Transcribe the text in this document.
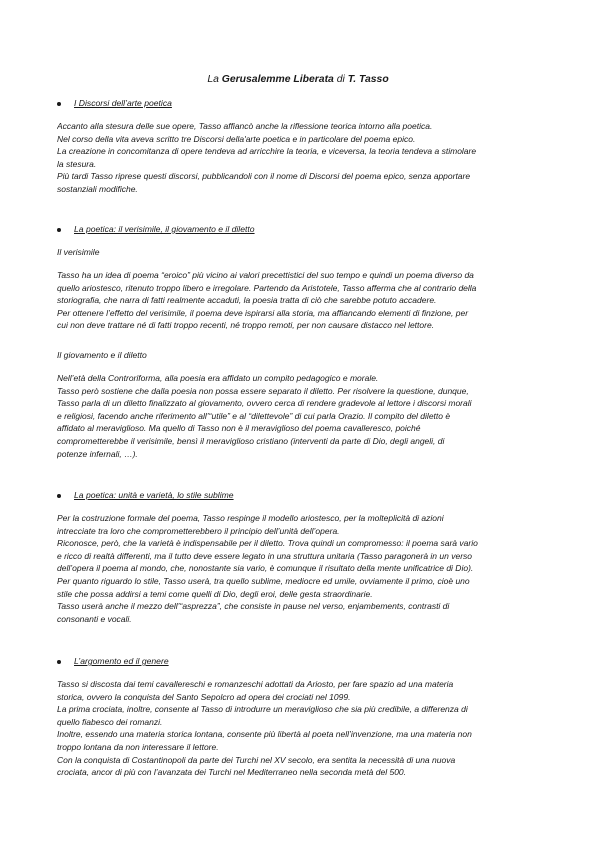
La Gerusalemme Liberata di T. Tasso
I Discorsi dell’arte poetica
Accanto alla stesura delle sue opere, Tasso affiancò anche la riflessione teorica intorno alla poetica.
Nel corso della vita aveva scritto tre Discorsi della'arte poetica e in particolare del poema epico.
La creazione in concomitanza di opere tendeva ad arricchire la teoria, e viceversa, la teoria tendeva a stimolare
la stesura.
Più tardi Tasso riprese questi discorsi, pubblicandoli con il nome di Discorsi del poema epico, senza apportare
sostanziali modifiche.
La poetica: il verisimile, il giovamento e il diletto
Il verisimile
Tasso ha un idea di poema “eroico” più vicino ai valori precettistici del suo tempo e quindi un poema diverso da
quello ariostesco, ritenuto troppo libero e irregolare. Partendo da Aristotele, Tasso afferma che al contrario della
storiografia, che narra di fatti realmente accaduti, la poesia tratta di ciò che sarebbe potuto accadere.
Per ottenere l’effetto del verisimile, il poema deve ispirarsi alla storia, ma affiancando elementi di finzione, per
cui non deve trattare né di fatti troppo recenti, né troppo remoti, per non causare distacco nel lettore.
Il giovamento e il diletto
Nell’età della Controriforma, alla poesia era affidato un compito pedagogico e morale.
Tasso però sostiene che dalla poesia non possa essere separato il diletto. Per risolvere la questione, dunque,
Tasso parla di un diletto finalizzato al giovamento, ovvero cerca di rendere gradevole al lettore i discorsi morali
e religiosi, facendo anche riferimento all’“utile” e al “dilettevole” di cui parla Orazio. Il compito del diletto è
affidato al meraviglioso. Ma quello di Tasso non è il meraviglioso del poema cavalleresco, poiché
comprometterebbe il verisimile, bensì il meraviglioso cristiano (interventi da parte di Dio, degli angeli, di
potenze infernali, …).
La poetica: unità e varietà, lo stile sublime
Per la costruzione formale del poema, Tasso respinge il modello ariostesco, per la molteplicità di azioni
intrecciate tra loro che comprometterebbero il principio dell’unità dell’opera.
Riconosce, però, che la varietà è indispensabile per il diletto. Trova quindi un compromesso: il poema sarà vario
e ricco di realtà differenti, ma il tutto deve essere legato in una struttura unitaria (Tasso paragonerà in un verso
dell’opera il poema al mondo, che, nonostante sia vario, è comunque il risultato della mente unificatrice di Dio).
Per quanto riguardo lo stile, Tasso userà, tra quello sublime, mediocre ed umile, ovviamente il primo, cioè uno
stile che possa addirsi a temi come quelli di Dio, degli eroi, delle gesta straordinarie.
Tasso userà anche il mezzo dell’“asprezza”, che consiste in pause nel verso, enjambements, contrasti di
consonanti e vocali.
L’argomento ed il genere
Tasso si discosta dai temi cavallereschi e romanzeschi adottati da Ariosto, per fare spazio ad una materia
storica, ovvero la conquista del Santo Sepolcro ad opera dei crociati nel 1099.
La prima crociata, inoltre, consente al Tasso di introdurre un meraviglioso che sia più credibile, a differenza di
quello fiabesco dei romanzi.
Inoltre, essendo una materia storica lontana, consente più libertà al poeta nell’invenzione, ma una materia non
troppo lontana da non interessare il lettore.
Con la conquista di Costantinopoli da parte dei Turchi nel XV secolo, era sentita la necessità di una nuova
crociata, ancor di più con l’avanzata dei Turchi nel Mediterraneo nella seconda metà del 500.
